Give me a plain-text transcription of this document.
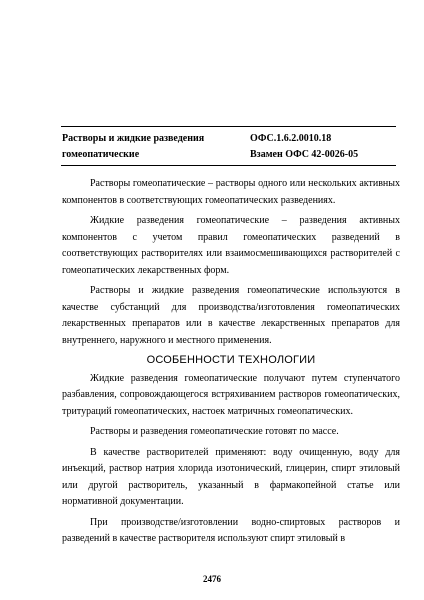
Растворы и жидкие разведения
гомеопатические
ОФС.1.6.2.0010.18
Взамен ОФС 42-0026-05

Растворы гомеопатические – растворы одного или нескольких активных компонентов в соответствующих гомеопатических разведениях.

Жидкие разведения гомеопатические – разведения активных компонентов с учетом правил гомеопатических разведений в соответствующих растворителях или взаимосмешивающихся растворителей с гомеопатических лекарственных форм.

Растворы и жидкие разведения гомеопатические используются в качестве субстанций для производства/изготовления гомеопатических лекарственных препаратов или в качестве лекарственных препаратов для внутреннего, наружного и местного применения.

ОСОБЕННОСТИ ТЕХНОЛОГИИ

Жидкие разведения гомеопатические получают путем ступенчатого разбавления, сопровождающегося встряхиванием растворов гомеопатических, тритураций гомеопатических, настоек матричных гомеопатических.

Растворы и разведения гомеопатические готовят по массе.

В качестве растворителей применяют: воду очищенную, воду для инъекций, раствор натрия хлорида изотонический, глицерин, спирт этиловый или другой растворитель, указанный в фармакопейной статье или нормативной документации.

При производстве/изготовлении водно-спиртовых растворов и разведений в качестве растворителя используют спирт этиловый в

2476
